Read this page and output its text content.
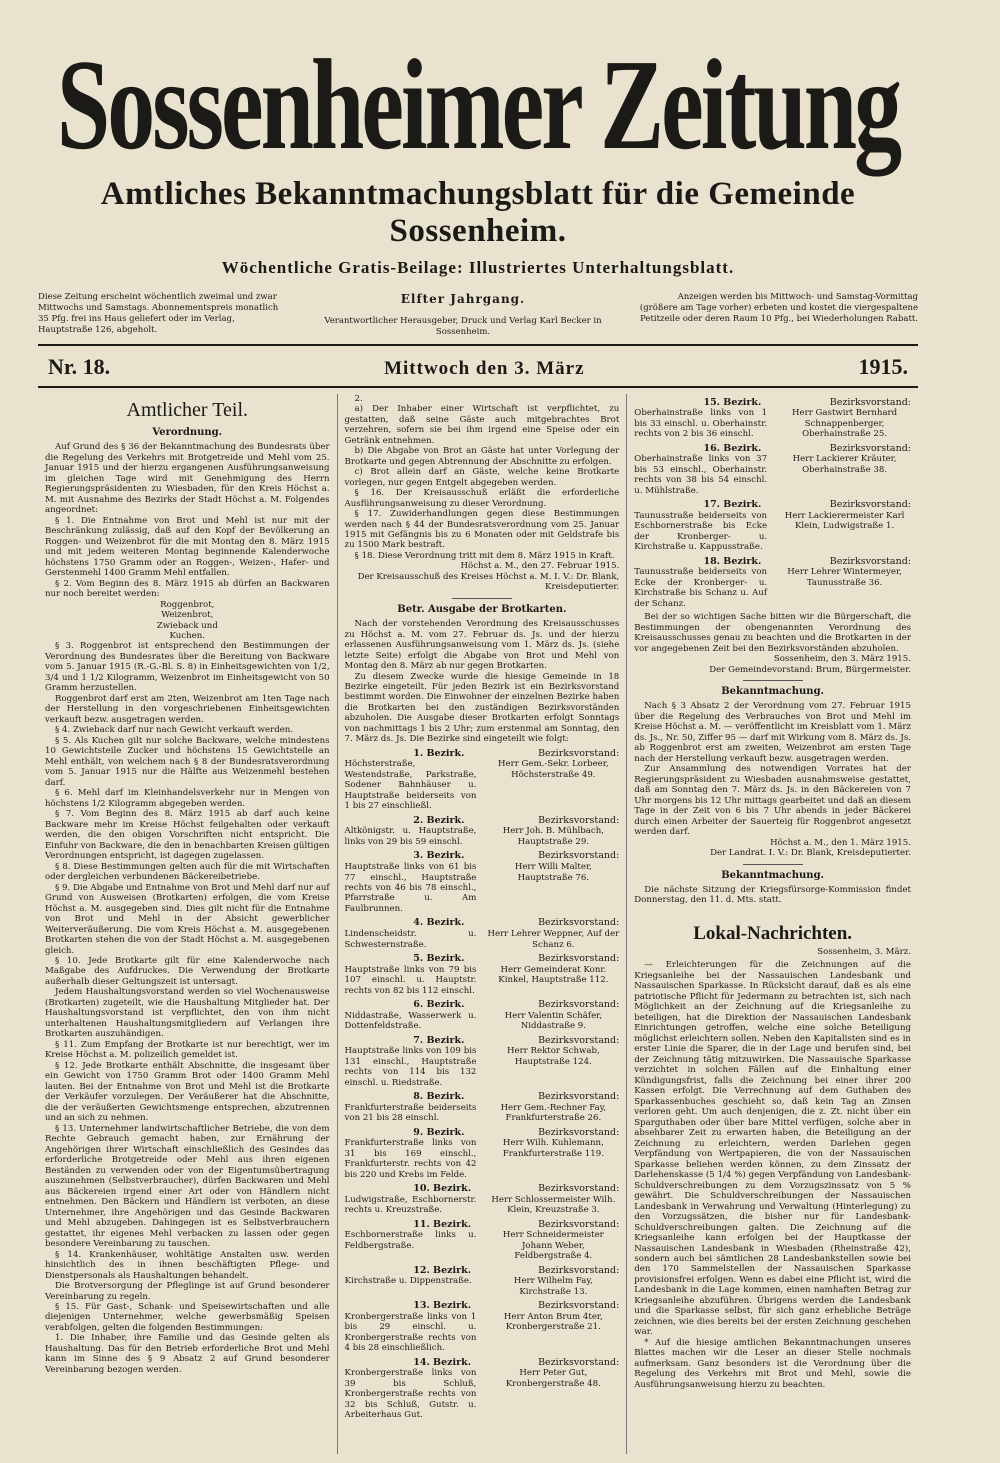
Sossenheimer Zeitung
Amtliches Bekanntmachungsblatt für die Gemeinde Sossenheim.
Wöchentliche Gratis-Beilage: Illustriertes Unterhaltungsblatt.
Diese Zeitung erscheint wöchentlich zweimal und zwar Mittwochs und Samstags. Abonnementspreis monatlich 35 Pfg. frei ins Haus geliefert oder im Verlag, Hauptstraße 126, abgeholt.
Elfter Jahrgang.
Verantwortlicher Herausgeber, Druck und Verlag Karl Becker in Sossenheim.
Anzeigen werden bis Mittwoch- und Samstag-Vormittag (größere am Tage vorher) erbeten und kostet die viergespaltene Petitzeile oder deren Raum 10 Pfg., bei Wiederholungen Rabatt.
Nr. 18.	Mittwoch den 3. März	1915.
Amtlicher Teil.
Verordnung.

Auf Grund des § 36 der Bekanntmachung des Bundesrats über die Regelung des Verkehrs mit Brotgetreide und Mehl vom 25. Januar 1915 und der hierzu ergangenen Ausführungsanweisung im gleichen Tage wird mit Genehmigung des Herrn Regierungspräsidenten zu Wiesbaden, für den Kreis Höchst a. M. mit Ausnahme des Bezirks der Stadt Höchst a. M. Folgendes angeordnet:

§ 1. Die Entnahme von Brot und Mehl ist nur mit der Beschränkung zulässig, daß auf den Kopf der Bevölkerung an Roggen- und Weizenbrot für die mit Montag den 8. März 1915 und mit jedem weiteren Montag beginnende Kalenderwoche höchstens 1750 Gramm oder an Roggen-, Weizen-, Hafer- und Gerstenmehl 1400 Gramm Mehl entfallen.

§ 2. Vom Beginn des 8. März 1915 ab dürfen an Backwaren nur noch bereitet werden:

Roggenbrot,

Weizenbrot,

Zwieback und

Kuchen.

§ 3. Roggenbrot ist entsprechend den Bestimmungen der Verordnung des Bundesrates über die Bereitung von Backware vom 5. Januar 1915 (R.-G.-Bl. S. 8) in Einheitsgewichten von 1/2, 3/4 und 1 1/2 Kilogramm, Weizenbrot im Einheitsgewicht von 50 Gramm herzustellen.

Roggenbrot darf erst am 2ten, Weizenbrot am 1ten Tage nach der Herstellung in den vorgeschriebenen Einheitsgewichten verkauft bezw. ausgetragen werden.

§ 4. Zwieback darf nur nach Gewicht verkauft werden.

§ 5. Als Kuchen gilt nur solche Backware, welche mindestens 10 Gewichtsteile Zucker und höchstens 15 Gewichtsteile an Mehl enthält, von welchem nach § 8 der Bundesratsverordnung vom 5. Januar 1915 nur die Hälfte aus Weizenmehl bestehen darf.

§ 6. Mehl darf im Kleinhandelsverkehr nur in Mengen von höchstens 1/2 Kilogramm abgegeben werden.

§ 7. Vom Beginn des 8. März 1915 ab darf auch keine Backware mehr im Kreise Höchst feilgehalten oder verkauft werden, die den obigen Vorschriften nicht entspricht. Die Einfuhr von Backware, die den in benachbarten Kreisen gültigen Verordnungen entspricht, ist dagegen zugelassen.

§ 8. Diese Bestimmungen gelten auch für die mit Wirtschaften oder dergleichen verbundenen Bäckereibetriebe.

§ 9. Die Abgabe und Entnahme von Brot und Mehl darf nur auf Grund von Ausweisen (Brotkarten) erfolgen, die vom Kreise Höchst a. M. ausgegeben sind. Dies gilt nicht für die Entnahme von Brot und Mehl in der Absicht gewerblicher Weiterveräußerung. Die vom Kreis Höchst a. M. ausgegebenen Brotkarten stehen die von der Stadt Höchst a. M. ausgegebenen gleich.

§ 10. Jede Brotkarte gilt für eine Kalenderwoche nach Maßgabe des Aufdruckes. Die Verwendung der Brotkarte außerhalb dieser Geltungszeit ist untersagt.

Jedem Haushaltungsvorstand werden so viel Wochenausweise (Brotkarten) zugeteilt, wie die Haushaltung Mitglieder hat. Der Haushaltungsvorstand ist verpflichtet, den von ihm nicht unterhaltenen Haushaltungsmitgliedern auf Verlangen ihre Brotkarten auszuhändigen.

§ 11. Zum Empfang der Brotkarte ist nur berechtigt, wer im Kreise Höchst a. M. polizeilich gemeldet ist.

§ 12. Jede Brotkarte enthält Abschnitte, die insgesamt über ein Gewicht von 1750 Gramm Brot oder 1400 Gramm Mehl lauten. Bei der Entnahme von Brot und Mehl ist die Brotkarte der Verkäufer vorzulegen. Der Veräußerer hat die Abschnitte, die der veräußerten Gewichtsmenge entsprechen, abzutrennen und an sich zu nehmen.

§ 13. Unternehmer landwirtschaftlicher Betriebe, die von dem Rechte Gebrauch gemacht haben, zur Ernährung der Angehörigen ihrer Wirtschaft einschließlich des Gesindes das erforderliche Brotgetreide oder Mehl aus ihren eigenen Beständen zu verwenden oder von der Eigentumsübertragung auszunehmen (Selbstverbraucher), dürfen Backwaren und Mehl aus Bäckereien irgend einer Art oder von Händlern nicht entnehmen. Den Bäckern und Händlern ist verboten, an diese Unternehmer, ihre Angehörigen und das Gesinde Backwaren und Mehl abzugeben. Dahingegen ist es Selbstverbrauchern gestattet, ihr eigenes Mehl verbacken zu lassen oder gegen besondere Vereinbarung zu tauschen.

§ 14. Krankenhäuser, wohltätige Anstalten usw. werden hinsichtlich des in ihnen beschäftigten Pflege- und Dienstpersonals als Haushaltungen behandelt.

Die Brotversorgung der Pfleglinge ist auf Grund besonderer Vereinbarung zu regeln.

§ 15. Für Gast-, Schank- und Speisewirtschaften und alle diejenigen Unternehmer, welche gewerbsmäßig Speisen verabfolgen, gelten die folgenden Bestimmungen:

1. Die Inhaber, ihre Familie und das Gesinde gelten als Haushaltung. Das für den Betrieb erforderliche Brot und Mehl kann im Sinne des § 9 Absatz 2 auf Grund besonderer Vereinbarung bezogen werden.

2.

a) Der Inhaber einer Wirtschaft ist verpflichtet, zu gestatten, daß seine Gäste auch mitgebrachtes Brot verzehren, sofern sie bei ihm irgend eine Speise oder ein Getränk entnehmen.

b) Die Abgabe von Brot an Gäste hat unter Vorlegung der Brotkarte und gegen Abtrennung der Abschnitte zu erfolgen.

c) Brot allein darf an Gäste, welche keine Brotkarte vorlegen, nur gegen Entgelt abgegeben werden.

§ 16. Der Kreisausschuß erläßt die erforderliche Ausführungsanweisung zu dieser Verordnung.

§ 17. Zuwiderhandlungen gegen diese Bestimmungen werden nach § 44 der Bundesratsverordnung vom 25. Januar 1915 mit Gefängnis bis zu 6 Monaten oder mit Geldstrafe bis zu 1500 Mark bestraft.

§ 18. Diese Verordnung tritt mit dem 8. März 1915 in Kraft.

Höchst a. M., den 27. Februar 1915.

Der Kreisausschuß des Kreises Höchst a. M. I. V.: Dr. Blank, Kreisdeputierter.

Betr. Ausgabe der Brotkarten.

Nach der vorstehenden Verordnung des Kreisausschusses zu Höchst a. M. vom 27. Februar ds. Js. und der hierzu erlassenen Ausführungsanweisung vom 1. März ds. Js. (siehe letzte Seite) erfolgt die Abgabe von Brot und Mehl von Montag den 8. März ab nur gegen Brotkarten.

Zu diesem Zwecke wurde die hiesige Gemeinde in 18 Bezirke eingeteilt. Für jeden Bezirk ist ein Bezirksvorstand bestimmt worden. Die Einwohner der einzelnen Bezirke haben die Brotkarten bei den zuständigen Bezirksvorständen abzuholen. Die Ausgabe dieser Brotkarten erfolgt Sonntags von nachmittags 1 bis 2 Uhr; zum erstenmal am Sonntag, den 7. März ds. Js. Die Bezirke sind eingeteilt wie folgt:

1. Bezirk.	Bezirksvorstand:
Höchsterstraße, Westendstraße, Parkstraße, Sodener Bahnhäuser u. Hauptstraße beiderseits von 1 bis 27 einschließl.
Herr Gem.-Sekr. Lorbeer, Höchsterstraße 49.
2. Bezirk.	Bezirksvorstand:
Altkönigstr. u. Hauptstraße, links von 29 bis 59 einschl.
Herr Joh. B. Mühlbach, Hauptstraße 29.
3. Bezirk.	Bezirksvorstand:
Hauptstraße links von 61 bis 77 einschl., Hauptstraße rechts von 46 bis 78 einschl., Pfarrstraße u. Am Faulbrunnen.
Herr Willi Malter, Hauptstraße 76.
4. Bezirk.	Bezirksvorstand:
Lindenscheidstr. u. Schwesternstraße.
Herr Lehrer Weppner, Auf der Schanz 6.
5. Bezirk.	Bezirksvorstand:
Hauptstraße links von 79 bis 107 einschl. u. Hauptstr. rechts von 82 bis 112 einschl.
Herr Gemeinderat Konr. Kinkel, Hauptstraße 112.
6. Bezirk.	Bezirksvorstand:
Niddastraße, Wasserwerk u. Dottenfeldstraße.
Herr Valentin Schäfer, Niddastraße 9.
7. Bezirk.	Bezirksvorstand:
Hauptstraße links von 109 bis 131 einschl., Hauptstraße rechts von 114 bis 132 einschl. u. Riedstraße.
Herr Rektor Schwab, Hauptstraße 124.
8. Bezirk.	Bezirksvorstand:
Frankfurterstraße beiderseits von 21 bis 28 einschl.
Herr Gem.-Rechner Fay, Frankfurterstraße 26.
9. Bezirk.	Bezirksvorstand:
Frankfurterstraße links von 31 bis 169 einschl., Frankfurterstr. rechts von 42 bis 220 und Krebs im Felde.
Herr Wilh. Kuhlemann, Frankfurterstraße 119.
10. Bezirk.	Bezirksvorstand:
Ludwigstraße, Eschbornerstr. rechts u. Kreuzstraße.
Herr Schlossermeister Wilh. Klein, Kreuzstraße 3.
11. Bezirk.	Bezirksvorstand:
Eschbornerstraße links u. Feldbergstraße.
Herr Schneidermeister Johann Weber, Feldbergstraße 4.
12. Bezirk.	Bezirksvorstand:
Kirchstraße u. Dippenstraße.	Herr Wilhelm Fay, Kirchstraße 13.
13. Bezirk.	Bezirksvorstand:
Kronbergerstraße links von 1 bis 29 einschl. u. Kronbergerstraße rechts von 4 bis 28 einschließlich.
Herr Anton Brum 4ter, Kronbergerstraße 21.
14. Bezirk.	Bezirksvorstand:
Kronbergerstraße links von 39 bis Schluß, Kronbergerstraße rechts von 32 bis Schluß, Gutstr. u. Arbeiterhaus Gut.
Herr Peter Gut, Kronbergerstraße 48.
15. Bezirk.	Bezirksvorstand:
Oberhainstraße links von 1 bis 33 einschl. u. Oberhainstr. rechts von 2 bis 36 einschl.
Herr Gastwirt Bernhard Schnappenberger, Oberhainstraße 25.
16. Bezirk.	Bezirksvorstand:
Oberhainstraße links von 37 bis 53 einschl., Oberhainstr. rechts von 38 bis 54 einschl. u. Mühlstraße.
Herr Lackierer Kräuter, Oberhainstraße 38.
17. Bezirk.	Bezirksvorstand:
Taunusstraße beiderseits von Eschbornerstraße bis Ecke der Kronberger- u. Kirchstraße u. Kappusstraße.
Herr Lackierermeister Karl Klein, Ludwigstraße 1.
18. Bezirk.	Bezirksvorstand:
Taunusstraße beiderseits von Ecke der Kronberger- u. Kirchstraße bis Schanz u. Auf der Schanz.
Herr Lehrer Wintermeyer, Taunusstraße 36.

Bei der so wichtigen Sache bitten wir die Bürgerschaft, die Bestimmungen der obengenannten Verordnung des Kreisausschusses genau zu beachten und die Brotkarten in der vor angegebenen Zeit bei den Bezirksvorständen abzuholen.

Sossenheim, den 3. März 1915.

Der Gemeindevorstand: Brum, Bürgermeister.

Bekanntmachung.

Nach § 3 Absatz 2 der Verordnung vom 27. Februar 1915 über die Regelung des Verbrauches von Brot und Mehl im Kreise Höchst a. M. — veröffentlicht im Kreisblatt vom 1. März ds. Js., Nr. 50, Ziffer 95 — darf mit Wirkung vom 8. März ds. Js. ab Roggenbrot erst am zweiten, Weizenbrot am ersten Tage nach der Herstellung verkauft bezw. ausgetragen werden.

Zur Ansammlung des notwendigen Vorrates hat der Regierungspräsident zu Wiesbaden ausnahmsweise gestattet, daß am Sonntag den 7. März ds. Js. in den Bäckereien von 7 Uhr morgens bis 12 Uhr mittags gearbeitet und daß an diesem Tage in der Zeit von 6 bis 7 Uhr abends in jeder Bäckerei durch einen Arbeiter der Sauerteig für Roggenbrot angesetzt werden darf.

Höchst a. M., den 1. März 1915.

Der Landrat. I. V.: Dr. Blank, Kreisdeputierter.

Bekanntmachung.

Die nächste Sitzung der Kriegsfürsorge-Kommission findet Donnerstag, den 11. d. Mts. statt.

Lokal-Nachrichten.
Sossenheim, 3. März.

— Erleichterungen für die Zeichnungen auf die Kriegsanleihe bei der Nassauischen Landesbank und Nassauischen Sparkasse. In Rücksicht darauf, daß es als eine patriotische Pflicht für Jedermann zu betrachten ist, sich nach Möglichkeit an der Zeichnung auf die Kriegsanleihe zu beteiligen, hat die Direktion der Nassauischen Landesbank Einrichtungen getroffen, welche eine solche Beteiligung möglichst erleichtern sollen. Neben den Kapitalisten sind es in erster Linie die Sparer, die in der Lage und berufen sind, bei der Zeichnung tätig mitzuwirken. Die Nassauische Sparkasse verzichtet in solchen Fällen auf die Einhaltung einer Kündigungsfrist, falls die Zeichnung bei einer ihrer 200 Kassen erfolgt. Die Verrechnung auf dem Guthaben des Sparkassenbuches geschieht so, daß kein Tag an Zinsen verloren geht. Um auch denjenigen, die z. Zt. nicht über ein Sparguthaben oder über bare Mittel verfügen, solche aber in absehbarer Zeit zu erwarten haben, die Beteiligung an der Zeichnung zu erleichtern, werden Darlehen gegen Verpfändung von Wertpapieren, die von der Nassauischen Sparkasse beliehen werden können, zu dem Zinssatz der Darlehenskasse (5 1/4 %) gegen Verpfändung von Landesbank-Schuldverschreibungen zu dem Vorzugszinssatz von 5 % gewährt. Die Schuldverschreibungen der Nassauischen Landesbank in Verwahrung und Verwaltung (Hinterlegung) zu den Vorzugssätzen, die bisher nur für Landesbank-Schuldverschreibungen galten. Die Zeichnung auf die Kriegsanleihe kann erfolgen bei der Hauptkasse der Nassauischen Landesbank in Wiesbaden (Rheinstraße 42), sondern auch bei sämtlichen 28 Landesbankstellen sowie bei den 170 Sammelstellen der Nassauischen Sparkasse provisionsfrei erfolgen. Wenn es dabei eine Pflicht ist, wird die Landesbank in die Lage kommen, einen namhaften Betrag zur Kriegsanleihe abzuführen. Übrigens werden die Landesbank und die Sparkasse selbst, für sich ganz erhebliche Beträge zeichnen, wie dies bereits bei der ersten Zeichnung geschehen war.

* Auf die hiesige amtlichen Bekanntmachungen unseres Blattes machen wir die Leser an dieser Stelle nochmals aufmerksam. Ganz besonders ist die Verordnung über die Regelung des Verkehrs mit Brot und Mehl, sowie die Ausführungsanweisung hierzu zu beachten.
